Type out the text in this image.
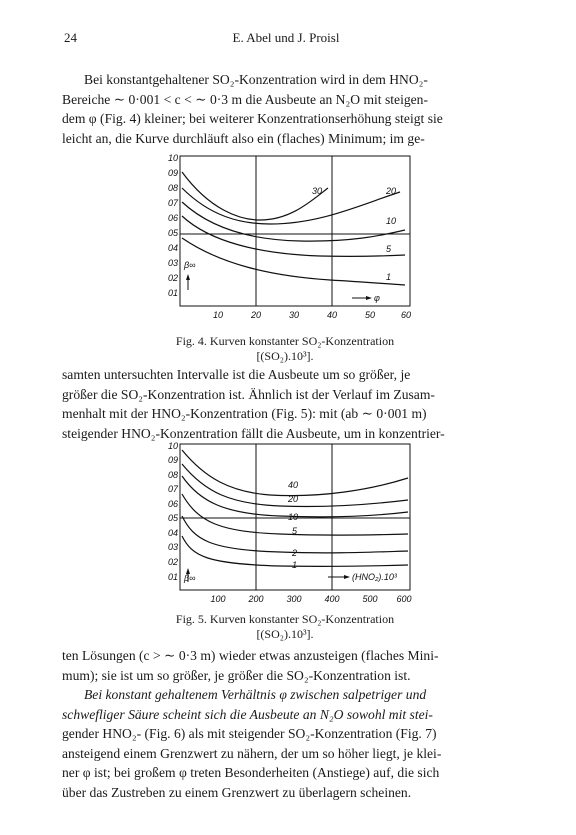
24	E. Abel und J. Proisl
Bei konstantgehaltener SO₂-Konzentration wird in dem HNO₂-
Bereiche ∼ 0·001 < c < ∼ 0·3 m die Ausbeute an N₂O mit steigen-
dem φ (Fig. 4) kleiner; bei weiterer Konzentrationserhöhung steigt sie
leicht an, die Kurve durchläuft also ein (flaches) Minimum; im ge-
10
09
08
07
06
05
04
03
02
01
10	20	30	40	50	60
30	20
10
5
1
β∞
φ
Fig. 4. Kurven konstanter SO₂-Konzentration
[(SO₂).10³].
samten untersuchten Intervalle ist die Ausbeute um so größer, je
größer die SO₂-Konzentration ist. Ähnlich ist der Verlauf im Zusam-
menhalt mit der HNO₂-Konzentration (Fig. 5): mit (ab ∼ 0·001 m)
steigender HNO₂-Konzentration fällt die Ausbeute, um in konzentrier-
10
09
08
07
06
05
04
03
02
01
100	200	300	400	500 600
40
20
10
5
2
1
β∞	(HNO₂).10³
Fig. 5. Kurven konstanter SO₂-Konzentration
[(SO₂).10³].
ten Lösungen (c > ∼ 0·3 m) wieder etwas anzusteigen (flaches Mini-
mum); sie ist um so größer, je größer die SO₂-Konzentration ist.
Bei konstant gehaltenem Verhältnis φ zwischen salpetriger und
schwefliger Säure scheint sich die Ausbeute an N₂O sowohl mit stei-
gender HNO₂- (Fig. 6) als mit steigender SO₂-Konzentration (Fig. 7)
ansteigend einem Grenzwert zu nähern, der um so höher liegt, je klei-
ner φ ist; bei großem φ treten Besonderheiten (Anstiege) auf, die sich
über das Zustreben zu einem Grenzwert zu überlagern scheinen.
